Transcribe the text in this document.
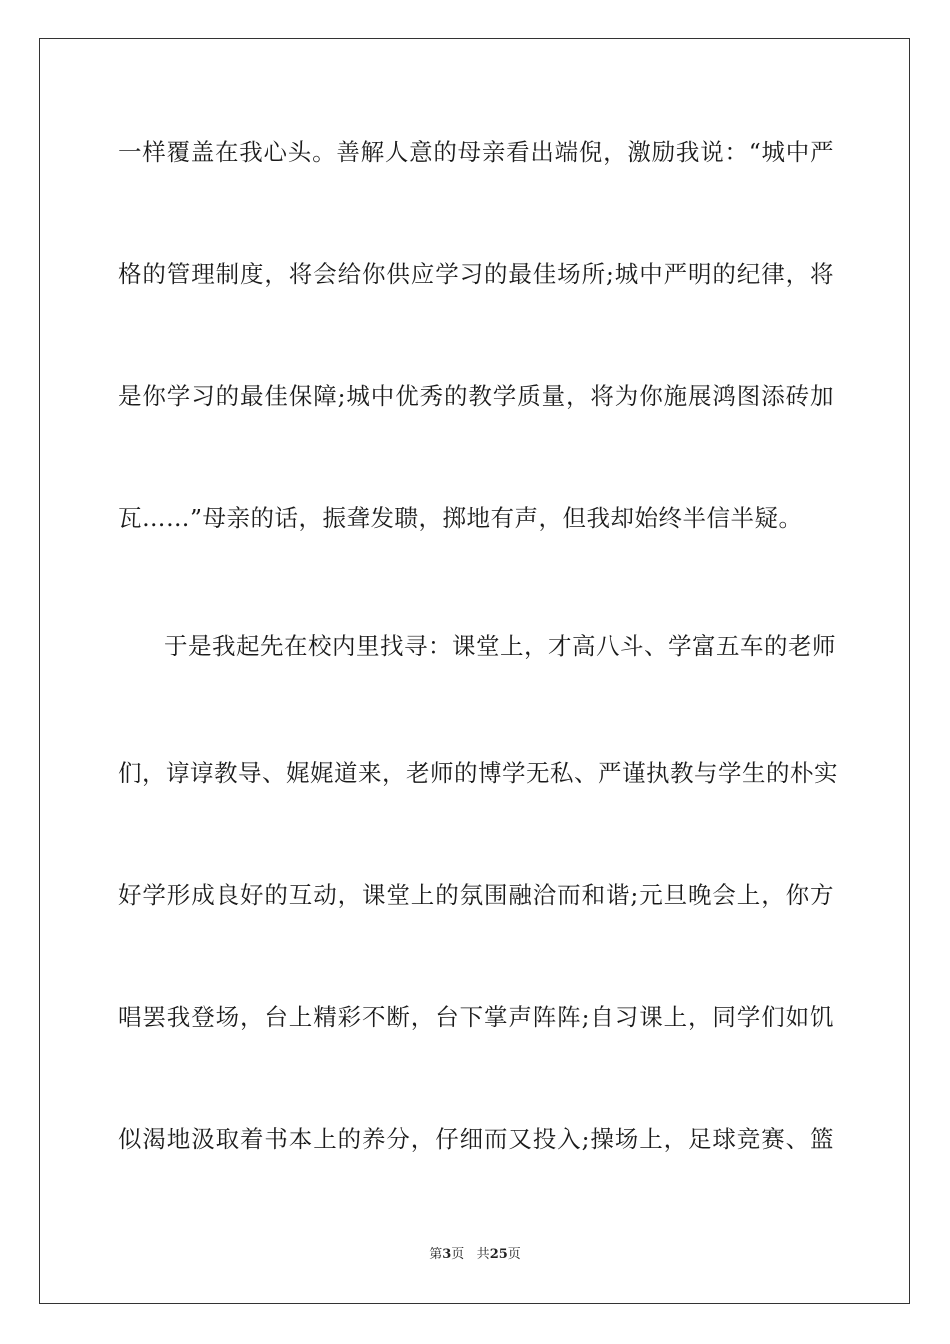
一样覆盖在我心头。善解人意的母亲看出端倪，激励我说：“城中严
格的管理制度，将会给你供应学习的最佳场所;城中严明的纪律，将
是你学习的最佳保障;城中优秀的教学质量，将为你施展鸿图添砖加
瓦……”母亲的话，振聋发聩，掷地有声，但我却始终半信半疑。
于是我起先在校内里找寻：课堂上，才高八斗、学富五车的老师
们，谆谆教导、娓娓道来，老师的博学无私、严谨执教与学生的朴实
好学形成良好的互动，课堂上的氛围融洽而和谐;元旦晚会上，你方
唱罢我登场，台上精彩不断，台下掌声阵阵;自习课上，同学们如饥
似渴地汲取着书本上的养分，仔细而又投入;操场上，足球竞赛、篮
第3页 共25页
